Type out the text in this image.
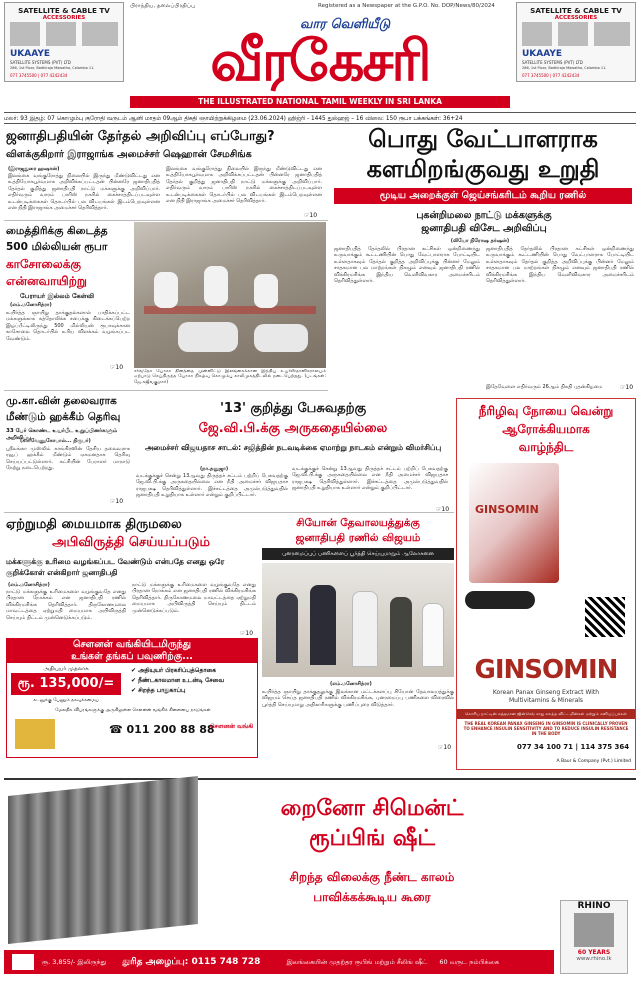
SATELLITE & CABLE TV
ACCESSORIES
UKAAYE
SATELLITE SYSTEMS (PVT) LTD
286, 1st Floor, Bodhiraja Mawatha, Colombo 11.
077 3745500 | 077 4242434
பிராந்திய, தலைப்பிரதிப்பு	Registered as a Newspaper at the G.P.O. No. DOP/News/80/2024
வார வெளியீடு
வீரகேசரி
THE ILLUSTRATED NATIONAL TAMIL WEEKLY IN SRI LANKA
SATELLITE & CABLE TV
ACCESSORIES
UKAAYE
SATELLITE SYSTEMS (PVT) LTD
286, 1st Floor, Bodhiraja Mawatha, Colombo 11.
077 3745500 | 077 4242434
மலர்: 93 இதழ்: 07 கொழும்பு குரோதி வருடம் ஆனி மாதம் 09ஆம் திகதி ஞாயிற்றுக்கிழமை (23.06.2024) ஹிஜ்ரி - 1445 துல்ஹஜ் – 16 விலை: 150 ரூபா பக்கங்கள்: 36+24
ஜனாதிபதியின் தேர்தல் அறிவிப்பு எப்போது?
விளக்குகிறார் இராஜாங்க அமைச்சர் ஷெஹான் சேமசிங்க
(இராஜதுரை ஹஷான்)
இலங்கை வங்குரோத்து நிலையில் இருந்து மீண்டுவிட்டது என உத்தியோகபூர்வமாக அறிவிக்கப்பட்டதன் பின்னரே ஜனாதிபதித் தேர்தல் குறித்து ஜனாதிபதி நாட்டு மக்களுக்கு அறிவிப்பார். எதிர்வரும் வாரம் பாரிஸ் நகரில் கைச்சாத்திடப்படவுள்ள உடன்படிக்கைகள் தொடர்பில் பல விடயங்கள் இடம்பெறவுள்ளன என நிதி இராஜாங்க அமைச்சர் தெரிவித்தார்.
இலங்கை வங்குரோத்து நிலையில் இருந்து மீண்டுவிட்டது என உத்தியோகபூர்வமாக அறிவிக்கப்பட்டதன் பின்னரே ஜனாதிபதித் தேர்தல் குறித்து ஜனாதிபதி நாட்டு மக்களுக்கு அறிவிப்பார். எதிர்வரும் வாரம் பாரிஸ் நகரில் கைச்சாத்திடப்படவுள்ள உடன்படிக்கைகள் தொடர்பில் பல விடயங்கள் இடம்பெறவுள்ளன என நிதி இராஜாங்க அமைச்சர் தெரிவித்தார்.
☞10
பொது வேட்பாளராக
களமிறங்குவது உறுதி
மூடிய அறைக்குள் ஜெய்சங்கரிடம் கூறிய ரணில்
மைத்திரிக்கு கிடைத்த
500 மில்லியன் ரூபா
காசோலைக்கு
என்னவாயிற்று
பேராயர் இல்லம் கேள்வி
(எம்.மனோசித்ரா)
உயிர்த்த ஞாயிறு தாக்குதல்களால் பாதிக்கப்பட்ட மக்களுக்காக கத்தோலிக்க சபைக்கு கிடைக்கப்பெற்ற இழப்பீட்டிலிருந்து 500 மில்லியன் ரூபாவுக்கான காசோலை தொடர்பில் உரிய விளக்கம் வழங்கப்பட வேண்டும்.
☞10
சர்வதேச யோகா தினத்தை முன்னிட்டு இலங்கைக்கான இந்திய உயர்ஸ்தானிகராலயம் ஏற்பாடு செய்திருந்த யோகா நிகழ்வு கொழும்பு காலிமுகத்திடலில் நடைபெற்றது. (படங்கள்: ஜே.சுஜீவகுமார்)
புகன்றிமலை நாட்டு மக்களுக்கு
ஜனாதிபதி விசேட அறிவிப்பு
(லியோ நிரோஷ தர்ஷன்)
ஜனாதிபதித் தேர்தலில் பிரதான கட்சிகள் ஒன்றிணைந்து உருவாக்கும் கூட்டணியின் பொது வேட்பாளராக போட்டியிட உள்ளதாகவும் தேர்தல் குறித்த அறிவிப்புக்கு பின்னர் மேலும் சாதகமான பல மாற்றங்கள் நிகழும் எனவும் ஜனாதிபதி ரணில் விக்கிரமசிங்க இந்திய வெளிவிவகார அமைச்சரிடம் தெரிவித்துள்ளார்.
ஜனாதிபதித் தேர்தலில் பிரதான கட்சிகள் ஒன்றிணைந்து உருவாக்கும் கூட்டணியின் பொது வேட்பாளராக போட்டியிட உள்ளதாகவும் தேர்தல் குறித்த அறிவிப்புக்கு பின்னர் மேலும் சாதகமான பல மாற்றங்கள் நிகழும் எனவும் ஜனாதிபதி ரணில் விக்கிரமசிங்க இந்திய வெளிவிவகார அமைச்சரிடம் தெரிவித்துள்ளார்.
இதேவேளை எதிர்வரும் 26ஆம் திகதி புதன்கிழமை	☞10
மு.கா.வின் தலைவராக
மீண்டும் ஹக்கீம் தெரிவு
33 பேர் கொண்ட உயர்பீட உறுப்பினர்களும் அறிவிப்பு
(கார்வேணுகோபால்... நிருபர்)
ஸ்ரீலங்கா முஸ்லிம் காங்கிரஸின் தேசிய தலைவராக ரவூப் ஹக்கீம் மீண்டும் ஏகமனதாக தெரிவு செய்யப்பட்டுள்ளார். கட்சியின் பேராளர் மாநாடு நேற்று நடைபெற்றது.
☞10
'13' குறித்து பேசுவதற்கு
ஜே.வி.பி.க்கு அருகதையில்லை
அமைச்சர் விஜயதாச சாடல்: சஜித்தின் நடவடிக்கை ஏமாற்று நாடகம் என்றும் விமர்சிப்பு
(நா.தனுஜா)
வடக்குக்குச் சென்று 13ஆவது திருத்தச் சட்டம் பற்றிப் பேசுவதற்கு ஜே.வி.பி.க்கு அருகதையில்லை என நீதி அமைச்சர் விஜயதாச ராஜபக்ஷ தெரிவித்துள்ளார். இச்சட்டத்தை அமுல்படுத்துவதில் ஜனாதிபதி உறுதியாக உள்ளார் என்றும் குறிப்பிட்டார்.
வடக்குக்குச் சென்று 13ஆவது திருத்தச் சட்டம் பற்றிப் பேசுவதற்கு ஜே.வி.பி.க்கு அருகதையில்லை என நீதி அமைச்சர் விஜயதாச ராஜபக்ஷ தெரிவித்துள்ளார். இச்சட்டத்தை அமுல்படுத்துவதில் ஜனாதிபதி உறுதியாக உள்ளார் என்றும் குறிப்பிட்டார்.
☞10
நீரிழிவு நோயை வென்று
ஆரோக்கியமாக
வாழ்ந்திட
GINSOMIN
GINSOMIN
Korean Panax Ginseng Extract With Multivitamins & Minerals
கொரிய நாட்டின் சுத்தமான ஜின்செங் சாறு கலந்த விட்டமின்கள் மற்றும் கனியுப்புக்கள்
THE REAL KOREAN PANAX GINSENG IN GINSOMIN IS CLINICALLY PROVEN TO ENHANCE INSULIN SENSITIVITY AND TO REDUCE INSULIN RESISTANCE IN THE BODY
077 34 100 71 | 114 375 364
A Baur & Company (Pvt.) Limited
ஏற்றுமதி மையமாக திருமலை
அபிவிருத்தி செய்யப்படும்
மக்களுக்கு உரிமை வழங்கப்பட வேண்டும் என்பதே எனது ஒரே குறிக்கோள் என்கிறார் ஜனாதிபதி
(எம்.மனோசித்ரா)
நாட்டு மக்களுக்கு உரிமைகளை வழங்குவதே எனது பிரதான நோக்கம் என ஜனாதிபதி ரணில் விக்கிரமசிங்க தெரிவித்தார். திருகோணமலை மாவட்டத்தை ஏற்றுமதி மையமாக அபிவிருத்தி செய்யும் திட்டம் முன்னெடுக்கப்படும்.
நாட்டு மக்களுக்கு உரிமைகளை வழங்குவதே எனது பிரதான நோக்கம் என ஜனாதிபதி ரணில் விக்கிரமசிங்க தெரிவித்தார். திருகோணமலை மாவட்டத்தை ஏற்றுமதி மையமாக அபிவிருத்தி செய்யும் திட்டம் முன்னெடுக்கப்படும்.
☞10
சியோன் தேவாலயத்துக்கு
ஜனாதிபதி ரணில் விஜயம்
புனரமைப்புப் பணிகளைப் பூர்த்தி செய்யுமாறும் ஆலோசனை
(எம்.மனோசித்ரா)
உயிர்த்த ஞாயிறு தாக்குதலுக்கு இலக்கான மட்டக்களப்பு சியோன் தேவாலயத்துக்கு விஜயம் செய்த ஜனாதிபதி ரணில் விக்கிரமசிங்க, புனரமைப்பு பணிகளை விரைவில் பூர்த்தி செய்யுமாறு அதிகாரிகளுக்கு பணிப்புரை விடுத்தார்.
☞10
சௌனன் வங்கியிடமிருந்து
உங்கள் தங்கப் பவுணிற்கு...
அதியுயர் முதலாக
ரூ. 135,000/=
கடனுக்கு பேணும் தகவுக்கமைய
✔ அதியுயர் பிரகரிப்புத்தொகை
✔ நீண்டகாலமான உடன்டி சேவை
✔ சிறந்த பாதுகாப்பு
மேலதிக விபரங்களுக்கு அருகிலுள்ள சௌனன் வங்கிக் கிளையை நாடுங்கள்
☎ 011 200 88 88
சௌனன் வங்கி
றைனோ சிமென்ட்
ரூப்பிங் ஷீட்
சிறந்த விலைக்கு நீண்ட காலம்
பாவிக்கக்கூடிய கூரை
RHINO
60 YEARS
www.rhino.lk
ரூ. 3,855/- இலிருந்து துரித அழைப்பு: 0115 748 728	இலங்கையின் முதற்தர ரூபிங் மற்றும் சீலிங் ஷீட் 60 வருட நம்பிக்கை
